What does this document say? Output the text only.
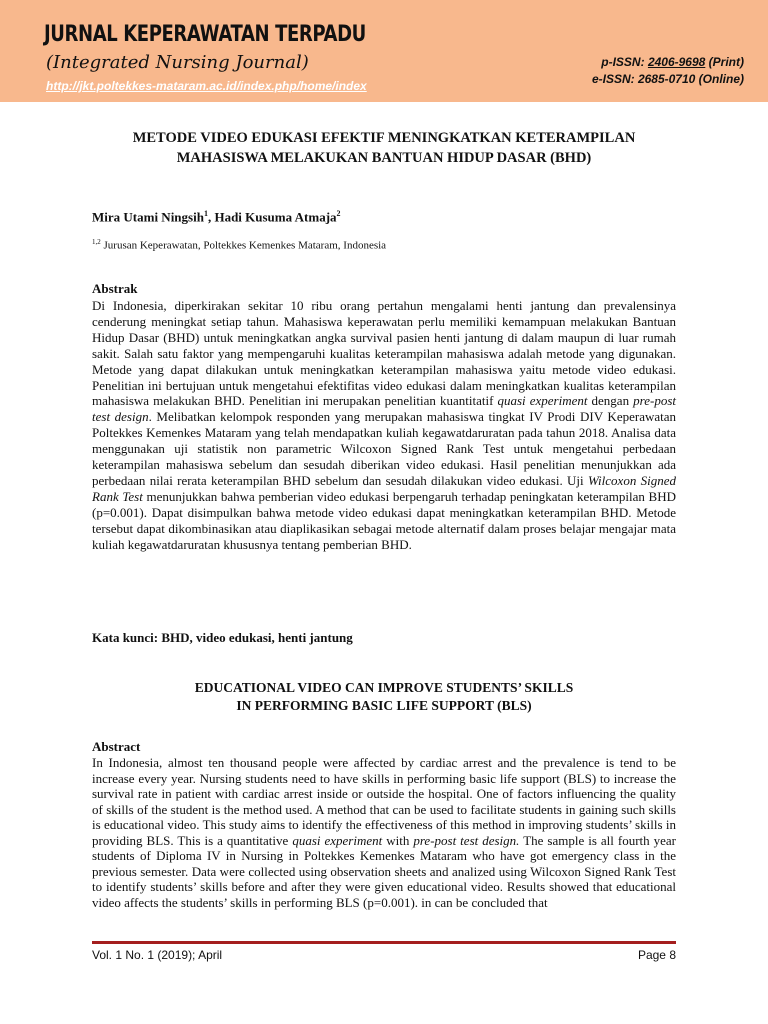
JURNAL KEPERAWATAN TERPADU
(Integrated Nursing Journal)
http://jkt.poltekkes-mataram.ac.id/index.php/home/index
p-ISSN: 2406-9698 (Print)
e-ISSN: 2685-0710 (Online)
METODE VIDEO EDUKASI EFEKTIF MENINGKATKAN KETERAMPILAN
MAHASISWA MELAKUKAN BANTUAN HIDUP DASAR (BHD)
Mira Utami Ningsih$^1$, Hadi Kusuma Atmaja$^2$
$^{1,2}$ Jurusan Keperawatan, Poltekkes Kemenkes Mataram, Indonesia
Abstrak

Di Indonesia, diperkirakan sekitar 10 ribu orang pertahun mengalami henti jantung dan prevalensinya cenderung meningkat setiap tahun. Mahasiswa keperawatan perlu memiliki kemampuan melakukan Bantuan Hidup Dasar (BHD) untuk meningkatkan angka survival pasien henti jantung di dalam maupun di luar rumah sakit. Salah satu faktor yang mempengaruhi kualitas keterampilan mahasiswa adalah metode yang digunakan. Metode yang dapat dilakukan untuk meningkatkan keterampilan mahasiswa yaitu metode video edukasi. Penelitian ini bertujuan untuk mengetahui efektifitas video edukasi dalam meningkatkan kualitas keterampilan mahasiswa melakukan BHD. Penelitian ini merupakan penelitian kuantitatif quasi experiment dengan pre-post test design. Melibatkan kelompok responden yang merupakan mahasiswa tingkat IV Prodi DIV Keperawatan Poltekkes Kemenkes Mataram yang telah mendapatkan kuliah kegawatdaruratan pada tahun 2018. Analisa data menggunakan uji statistik non parametric Wilcoxon Signed Rank Test untuk mengetahui perbedaan keterampilan mahasiswa sebelum dan sesudah diberikan video edukasi. Hasil penelitian menunjukkan ada perbedaan nilai rerata keterampilan BHD sebelum dan sesudah dilakukan video edukasi. Uji Wilcoxon Signed Rank Test menunjukkan bahwa pemberian video edukasi berpengaruh terhadap peningkatan keterampilan BHD (p=0.001). Dapat disimpulkan bahwa metode video edukasi dapat meningkatkan keterampilan BHD. Metode tersebut dapat dikombinasikan atau diaplikasikan sebagai metode alternatif dalam proses belajar mengajar mata kuliah kegawatdaruratan khususnya tentang pemberian BHD.

Kata kunci: BHD, video edukasi, henti jantung
EDUCATIONAL VIDEO CAN IMPROVE STUDENTS’ SKILLS
IN PERFORMING BASIC LIFE SUPPORT (BLS)
Abstract

In Indonesia, almost ten thousand people were affected by cardiac arrest and the prevalence is tend to be increase every year. Nursing students need to have skills in performing basic life support (BLS) to increase the survival rate in patient with cardiac arrest inside or outside the hospital. One of factors influencing the quality of skills of the student is the method used. A method that can be used to facilitate students in gaining such skills is educational video. This study aims to identify the effectiveness of this method in improving students’ skills in providing BLS. This is a quantitative quasi experiment with pre-post test design. The sample is all fourth year students of Diploma IV in Nursing in Poltekkes Kemenkes Mataram who have got emergency class in the previous semester. Data were collected using observation sheets and analized using Wilcoxon Signed Rank Test to identify students’ skills before and after they were given educational video. Results showed that educational video affects the students’ skills in performing BLS (p=0.001). in can be concluded that

Vol. 1 No. 1 (2019); April	Page 8
